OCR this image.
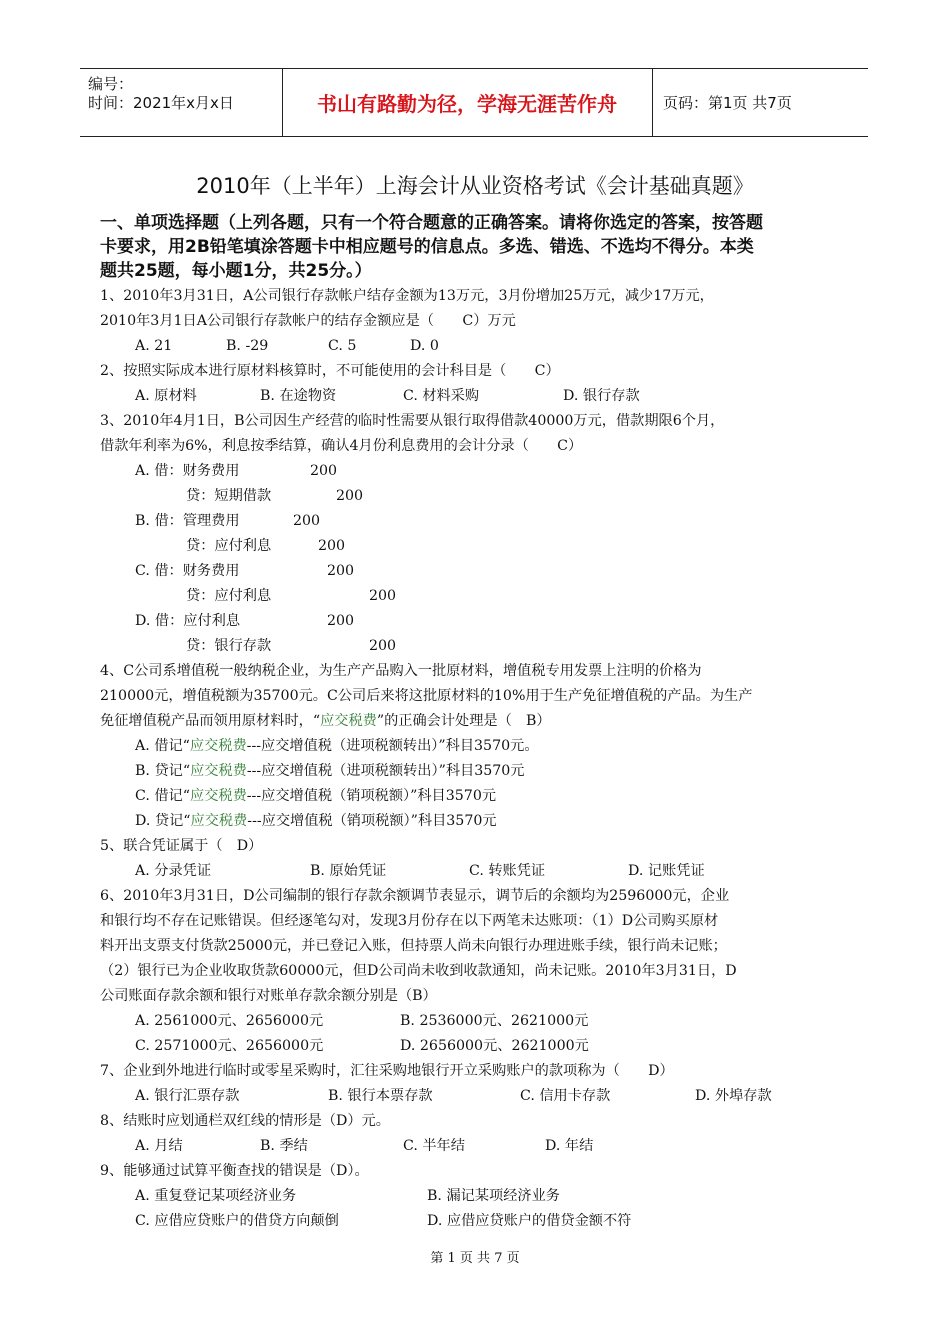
编号：
时间：2021年x月x日	书山有路勤为径，学海无涯苦作舟	页码：第1页 共7页
2010年（上半年）上海会计从业资格考试《会计基础真题》
一、单项选择题（上列各题，只有一个符合题意的正确答案。请将你选定的答案，按答题
卡要求，用2B铅笔填涂答题卡中相应题号的信息点。多选、错选、不选均不得分。本类
题共25题，每小题1分，共25分。）
1、2010年3月31日，A公司银行存款帐户结存金额为13万元，3月份增加25万元，减少17万元，
2010年3月1日A公司银行存款帐户的结存金额应是（　　C）万元
A. 21	B. -29	C. 5	D. 0
2、按照实际成本进行原材料核算时，不可能使用的会计科目是（　　C）
A. 原材料	B. 在途物资	C. 材料采购	D. 银行存款
3、2010年4月1日，B公司因生产经营的临时性需要从银行取得借款40000万元，借款期限6个月，
借款年利率为6%，利息按季结算，确认4月份利息费用的会计分录（　　C）
A. 借：财务费用	200
贷：短期借款	200
B. 借：管理费用	200
贷：应付利息	200
C. 借：财务费用	200
贷：应付利息	200
D. 借：应付利息	200
贷：银行存款	200
4、C公司系增值税一般纳税企业，为生产产品购入一批原材料，增值税专用发票上注明的价格为
210000元，增值税额为35700元。C公司后来将这批原材料的10%用于生产免征增值税的产品。为生产
免征增值税产品而领用原材料时，“应交税费”的正确会计处理是（　B）
A. 借记“应交税费---应交增值税（进项税额转出）”科目3570元。
B. 贷记“应交税费---应交增值税（进项税额转出）”科目3570元
C. 借记“应交税费---应交增值税（销项税额）”科目3570元
D. 贷记“应交税费---应交增值税（销项税额）”科目3570元
5、联合凭证属于（　D）
A. 分录凭证	B. 原始凭证	C. 转账凭证	D. 记账凭证
6、2010年3月31日，D公司编制的银行存款余额调节表显示，调节后的余额均为2596000元，企业
和银行均不存在记账错误。但经逐笔勾对，发现3月份存在以下两笔未达账项：（1）D公司购买原材
料开出支票支付货款25000元，并已登记入账，但持票人尚未向银行办理进账手续，银行尚未记账；
（2）银行已为企业收取货款60000元，但D公司尚未收到收款通知，尚未记账。2010年3月31日，D
公司账面存款余额和银行对账单存款余额分别是（B）
A. 2561000元、2656000元	B. 2536000元、2621000元
C. 2571000元、2656000元	D. 2656000元、2621000元
7、企业到外地进行临时或零星采购时，汇往采购地银行开立采购账户的款项称为（　　D）
A. 银行汇票存款	B. 银行本票存款	C. 信用卡存款	D. 外埠存款
8、结账时应划通栏双红线的情形是（D）元。
A. 月结	B. 季结	C. 半年结	D. 年结
9、能够通过试算平衡查找的错误是（D）。
A. 重复登记某项经济业务	B. 漏记某项经济业务
C. 应借应贷账户的借贷方向颠倒	D. 应借应贷账户的借贷金额不符
第 1 页 共 7 页
